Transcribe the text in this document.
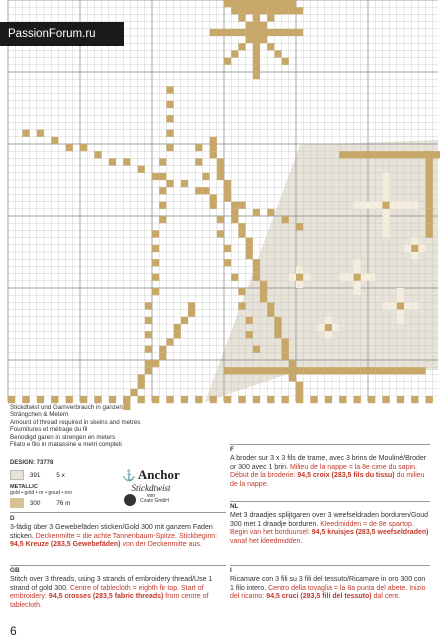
PassionForum.ru
Stickdtwist und Garnverbrauch in ganzen
Strängchen & Metern
Amount of thread required in skeins and metres
Fournitures et métrage du fil
Benodigd garen in strengen en meters
Filato e filo in matassine e metri completi
DESIGN: 73778
391 5 x
METALLIC
gold • gold • or • goud • oro
300 76 m
⚓ Anchor
Stickdtwist
von
Coats GmbH
D
3-fädig über 3 Gewebefäden sticken/Gold 300 mit ganzem Faden sticken. Deckenmitte = die achte Tannenbaum-Spitze. Stickbeginn: 94,5 Kreuze (283,5 Gewebefäden) von der Deckenmitte aus.
GB
Stitch over 3 threads, using 3 strands of embroidery thread/Use 1 strand of gold 300. Centre of tablecloth = eighth fir top. Start of embroidery: 94,5 crosses (283,5 fabric threads) from centre of tablecloth.
F
A broder sur 3 x 3 fils de trame, avec 3 brins de Mouliné/Broder or 300 avec 1 brin. Milieu de la nappe = la 8e cime du sapin. Début de la broderie: 94,5 croix (283,5 fils du tissu) du milieu de la nappe.
NL
Met 3 draadjes splijtgaren over 3 weefseldraden borduren/Goud 300 met 1 draadje borduren. Kleedmidden = de 8e spartop. Begin van het borduursel: 94,5 kruisjes (283,5 weefseldraden) vanaf het kleedmidden.
I
Ricamare con 3 fili su 3 fili del tessuto/Ricamare in oro 300 con 1 filo intero. Centro della tovaglia = la 8a punta del abete. Inizio del ricamo: 94,5 cruci (283,5 fili del tessuto) dal cent.
6
